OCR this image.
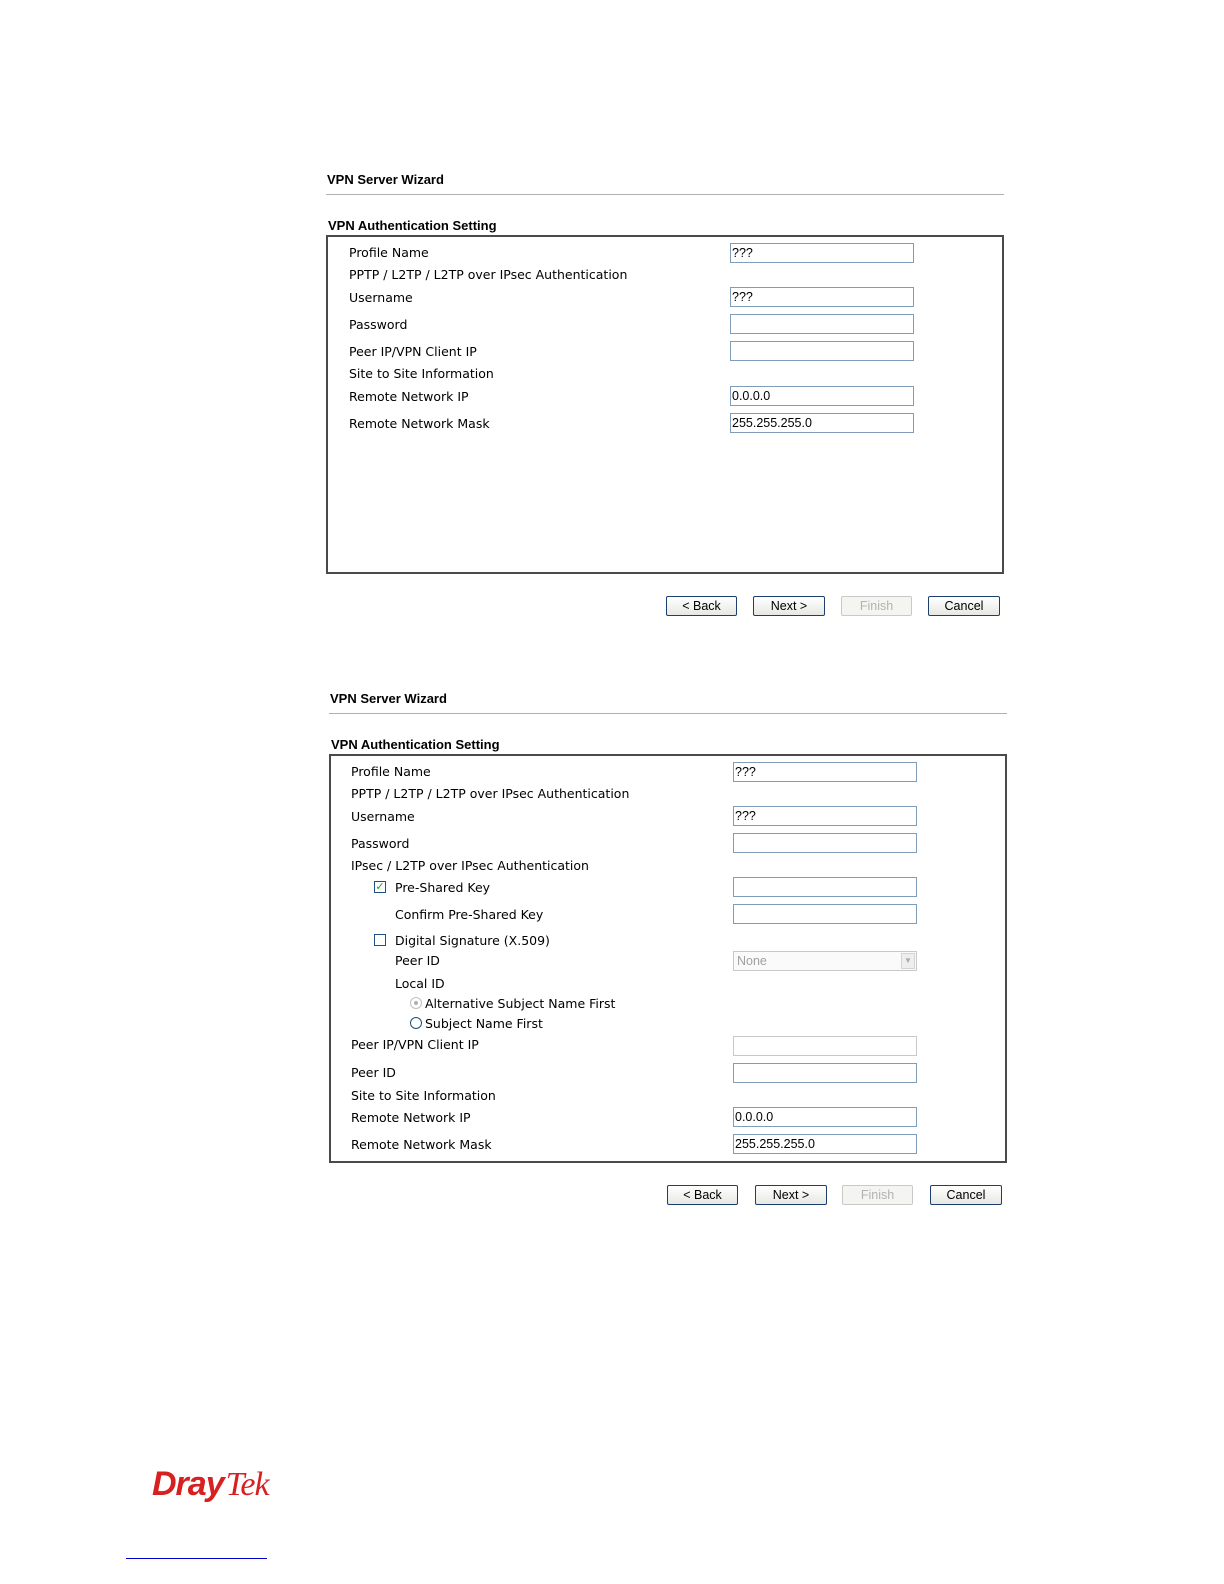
VPN Server Wizard
VPN Authentication Setting
Profile Name	???
PPTP / L2TP / L2TP over IPsec Authentication
Username	???
Password
Peer IP/VPN Client IP
Site to Site Information
Remote Network IP	0.0.0.0
Remote Network Mask	255.255.255.0
< Back	Next >	Finish	Cancel
VPN Server Wizard
VPN Authentication Setting
Profile Name	???
PPTP / L2TP / L2TP over IPsec Authentication
Username	???
Password
IPsec / L2TP over IPsec Authentication
✓ Pre-Shared Key
Confirm Pre-Shared Key
Digital Signature (X.509)
Peer ID	None	▼
Local ID
Alternative Subject Name First
Subject Name First
Peer IP/VPN Client IP
Peer ID
Site to Site Information
Remote Network IP	0.0.0.0
Remote Network Mask	255.255.255.0
< Back	Next >	Finish	Cancel
DrayTek
